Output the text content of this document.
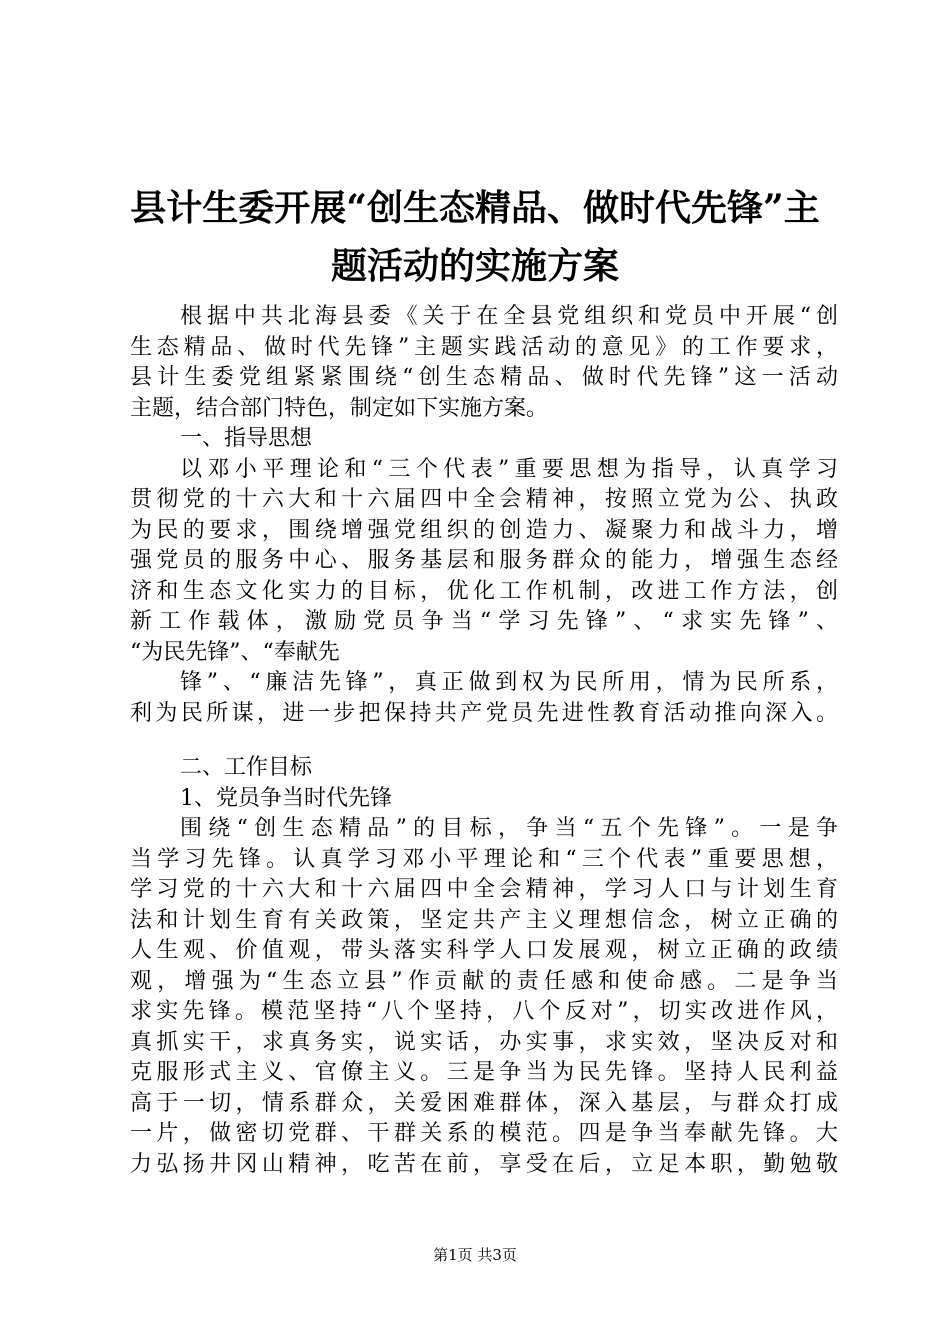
县计生委开展“创生态精品、做时代先锋”主
题活动的实施方案
根据中共北海县委《关于在全县党组织和党员中开展“创
生态精品、做时代先锋”主题实践活动的意见》的工作要求，
县计生委党组紧紧围绕“创生态精品、做时代先锋”这一活动
主题，结合部门特色，制定如下实施方案。
一、指导思想
以邓小平理论和“三个代表”重要思想为指导，认真学习
贯彻党的十六大和十六届四中全会精神，按照立党为公、执政
为民的要求，围绕增强党组织的创造力、凝聚力和战斗力，增
强党员的服务中心、服务基层和服务群众的能力，增强生态经
济和生态文化实力的目标，优化工作机制，改进工作方法，创
新工作载体，激励党员争当“学习先锋”、“求实先锋”、
“为民先锋”、“奉献先
锋”、“廉洁先锋”，真正做到权为民所用，情为民所系，
利为民所谋，进一步把保持共产党员先进性教育活动推向深入。
二、工作目标
1、党员争当时代先锋
围绕“创生态精品”的目标，争当“五个先锋”。一是争
当学习先锋。认真学习邓小平理论和“三个代表”重要思想，
学习党的十六大和十六届四中全会精神，学习人口与计划生育
法和计划生育有关政策，坚定共产主义理想信念，树立正确的
人生观、价值观，带头落实科学人口发展观，树立正确的政绩
观，增强为“生态立县”作贡献的责任感和使命感。二是争当
求实先锋。模范坚持“八个坚持，八个反对”，切实改进作风，
真抓实干，求真务实，说实话，办实事，求实效，坚决反对和
克服形式主义、官僚主义。三是争当为民先锋。坚持人民利益
高于一切，情系群众，关爱困难群体，深入基层，与群众打成
一片，做密切党群、干群关系的模范。四是争当奉献先锋。大
力弘扬井冈山精神，吃苦在前，享受在后，立足本职，勤勉敬
第1页 共3页
